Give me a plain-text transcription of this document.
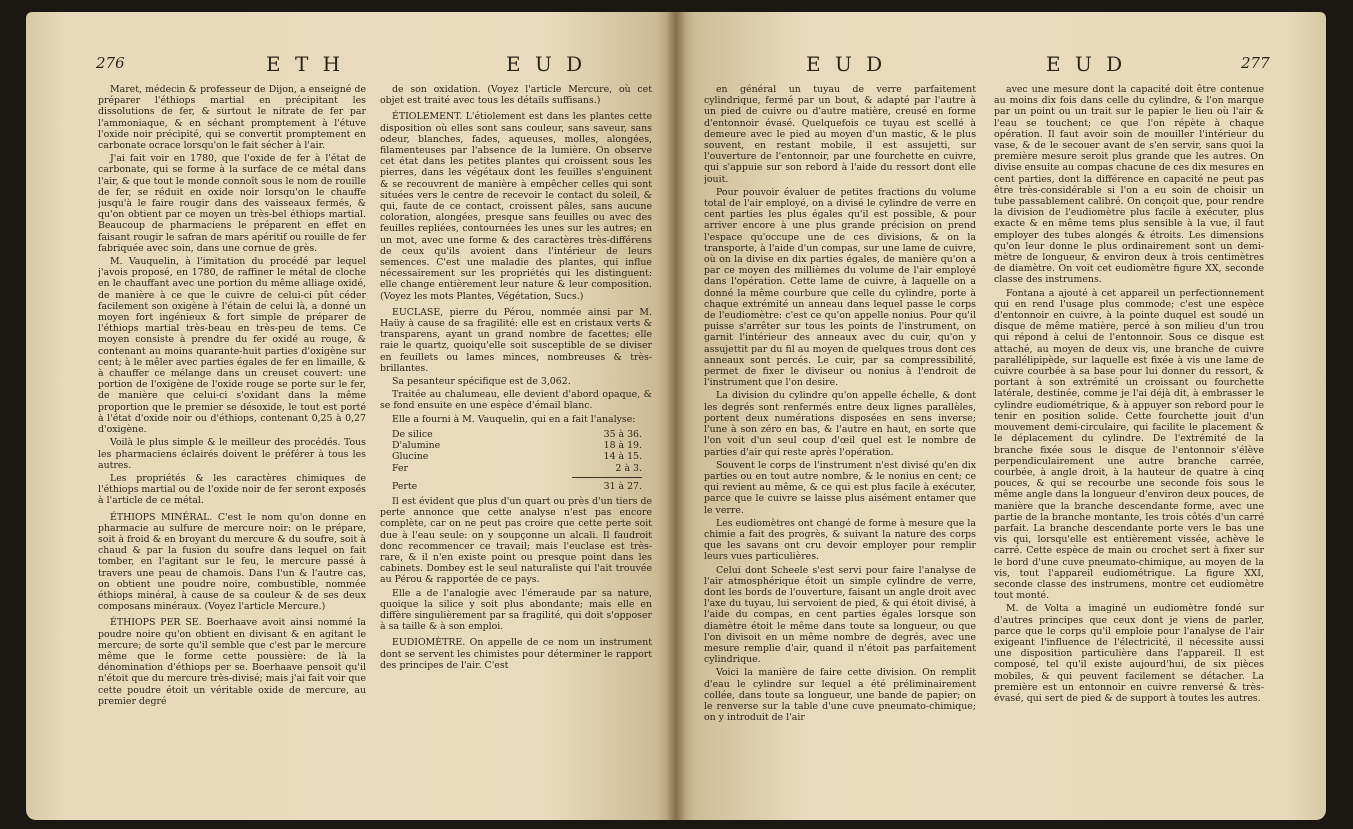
276	E T H	E U D

Maret, médecin & professeur de Dijon, a enseigné de préparer l'éthiops martial en précipitant les dissolutions de fer, & surtout le nitrate de fer par l'ammoniaque, & en séchant promptement à l'étuve l'oxide noir précipité, qui se convertit promptement en carbonate ocrace lorsqu'on le fait sécher à l'air.

J'ai fait voir en 1780, que l'oxide de fer à l'état de carbonate, qui se forme à la surface de ce métal dans l'air, & que tout le monde connoît sous le nom de rouille de fer, se réduit en oxide noir lorsqu'on le chauffe jusqu'à le faire rougir dans des vaisseaux fermés, & qu'on obtient par ce moyen un très-bel éthiops martial. Beaucoup de pharmaciens le préparent en effet en faisant rougir le safran de mars apéritif ou rouille de fer fabriquée avec soin, dans une cornue de grès.

M. Vauquelin, à l'imitation du procédé par lequel j'avois proposé, en 1780, de raffiner le métal de cloche en le chauffant avec une portion du même alliage oxidé, de manière à ce que le cuivre de celui-ci pût céder facilement son oxigène à l'étain de celui là, a donné un moyen fort ingénieux & fort simple de préparer de l'éthiops martial très-beau en très-peu de tems. Ce moyen consiste à prendre du fer oxidé au rouge, & contenant au moins quarante-huit parties d'oxigène sur cent; à le mêler avec parties égales de fer en limaille, & à chauffer ce mélange dans un creuset couvert: une portion de l'oxigène de l'oxide rouge se porte sur le fer, de manière que celui-ci s'oxidant dans la même proportion que le premier se désoxide, le tout est porté à l'état d'oxide noir ou d'éthiops, contenant 0,25 à 0,27 d'oxigène.

Voilà le plus simple & le meilleur des procédés. Tous les pharmaciens éclairés doivent le préférer à tous les autres.

Les propriétés & les caractères chimiques de l'éthiops martial ou de l'oxide noir de fer seront exposés à l'article de ce métal.

ÉTHIOPS MINÉRAL. C'est le nom qu'on donne en pharmacie au sulfure de mercure noir: on le prépare, soit à froid & en broyant du mercure & du soufre, soit à chaud & par la fusion du soufre dans lequel on fait tomber, en l'agitant sur le feu, le mercure passé à travers une peau de chamois. Dans l'un & l'autre cas, on obtient une poudre noire, combustible, nommée éthiops minéral, à cause de sa couleur & de ses deux composans minéraux. (Voyez l'article Mercure.)

ÉTHIOPS PER SE. Boerhaave avoit ainsi nommé la poudre noire qu'on obtient en divisant & en agitant le mercure; de sorte qu'il semble que c'est par le mercure même que le forme cette poussière: de là la dénomination d'éthiops per se. Boerhaave pensoit qu'il n'étoit que du mercure très-divisé; mais j'ai fait voir que cette poudre étoit un véritable oxide de mercure, au premier degré

de son oxidation. (Voyez l'article Mercure, où cet objet est traité avec tous les détails suffisans.)

ÉTIOLEMENT. L'étiolement est dans les plantes cette disposition où elles sont sans couleur, sans saveur, sans odeur, blanches, fades, aqueuses, molles, alongées, filamenteuses par l'absence de la lumière. On observe cet état dans les petites plantes qui croissent sous les pierres, dans les végétaux dont les feuilles s'enguinent & se recouvrent de manière à empêcher celles qui sont situées vers le centre de recevoir le contact du soleil, & qui, faute de ce contact, croissent pâles, sans aucune coloration, alongées, presque sans feuilles ou avec des feuilles repliées, contournées les unes sur les autres; en un mot, avec une forme & des caractères très-différens de ceux qu'ils avoient dans l'intérieur de leurs semences. C'est une maladie des plantes, qui influe nécessairement sur les propriétés qui les distinguent: elle change entièrement leur nature & leur composition. (Voyez les mots Plantes, Végétation, Sucs.)

EUCLASE, pierre du Pérou, nommée ainsi par M. Haüy à cause de sa fragilité: elle est en cristaux verts & transparens, ayant un grand nombre de facettes; elle raie le quartz, quoiqu'elle soit susceptible de se diviser en feuillets ou lames minces, nombreuses & très-brillantes.

Sa pesanteur spécifique est de 3,062.

Traitée au chalumeau, elle devient d'abord opaque, & se fond ensuite en une espèce d'émail blanc.

Elle a fourni à M. Vauquelin, qui en a fait l'analyse:

De silice	35 à 36.
D'alumine	18 à 19.
Glucine	14 à 15.
Fer	2 à 3.
Perte	31 à 27.

Il est évident que plus d'un quart ou près d'un tiers de perte annonce que cette analyse n'est pas encore complète, car on ne peut pas croire que cette perte soit due à l'eau seule: on y soupçonne un alcali. Il faudroit donc recommencer ce travail; mais l'euclase est très-rare, & il n'en existe point ou presque point dans les cabinets. Dombey est le seul naturaliste qui l'ait trouvée au Pérou & rapportée de ce pays.

Elle a de l'analogie avec l'émeraude par sa nature, quoique la silice y soit plus abondante; mais elle en diffère singulièrement par sa fragilité, qui doit s'opposer à sa taille & à son emploi.

EUDIOMÈTRE. On appelle de ce nom un instrument dont se servent les chimistes pour déterminer le rapport des principes de l'air. C'est

E U D	E U D	277

en général un tuyau de verre parfaitement cylindrique, fermé par un bout, & adapté par l'autre à un pied de cuivre ou d'autre matière, creusé en forme d'entonnoir évasé. Quelquefois ce tuyau est scellé à demeure avec le pied au moyen d'un mastic, & le plus souvent, en restant mobile, il est assujetti, sur l'ouverture de l'entonnoir, par une fourchette en cuivre, qui s'appuie sur son rebord à l'aide du ressort dont elle jouit.

Pour pouvoir évaluer de petites fractions du volume total de l'air employé, on a divisé le cylindre de verre en cent parties les plus égales qu'il est possible, & pour arriver encore à une plus grande précision on prend l'espace qu'occupe une de ces divisions, & on la transporte, à l'aide d'un compas, sur une lame de cuivre, où on la divise en dix parties égales, de manière qu'on a par ce moyen des millièmes du volume de l'air employé dans l'opération. Cette lame de cuivre, à laquelle on a donné la même courbure que celle du cylindre, porte à chaque extrémité un anneau dans lequel passe le corps de l'eudiomètre: c'est ce qu'on appelle nonius. Pour qu'il puisse s'arrêter sur tous les points de l'instrument, on garnit l'intérieur des anneaux avec du cuir, qu'on y assujettit par du fil au moyen de quelques trous dont ces anneaux sont percés. Le cuir, par sa compressibilité, permet de fixer le diviseur ou nonius à l'endroit de l'instrument que l'on desire.

La division du cylindre qu'on appelle échelle, & dont les degrés sont renfermés entre deux lignes parallèles, portent deux numérations disposées en sens inverse; l'une à son zéro en bas, & l'autre en haut, en sorte que l'on voit d'un seul coup d'œil quel est le nombre de parties d'air qui reste après l'opération.

Souvent le corps de l'instrument n'est divisé qu'en dix parties ou en tout autre nombre, & le nonius en cent; ce qui revient au même, & ce qui est plus facile à exécuter, parce que le cuivre se laisse plus aisément entamer que le verre.

Les eudiomètres ont changé de forme à mesure que la chimie a fait des progrès, & suivant la nature des corps que les savans ont cru devoir employer pour remplir leurs vues particulières.

Celui dont Scheele s'est servi pour faire l'analyse de l'air atmosphérique étoit un simple cylindre de verre, dont les bords de l'ouverture, faisant un angle droit avec l'axe du tuyau, lui servoient de pied, & qui étoit divisé, à l'aide du compas, en cent parties égales lorsque son diamètre étoit le même dans toute sa longueur, ou que l'on divisoit en un même nombre de degrés, avec une mesure remplie d'air, quand il n'étoit pas parfaitement cylindrique.

Voici la manière de faire cette division. On remplit d'eau le cylindre sur lequel a été préliminairement collée, dans toute sa longueur, une bande de papier; on le renverse sur la table d'une cuve pneumato-chimique; on y introduit de l'air

avec une mesure dont la capacité doit être contenue au moins dix fois dans celle du cylindre, & l'on marque par un point ou un trait sur le papier le lieu où l'air & l'eau se touchent; ce que l'on répète à chaque opération. Il faut avoir soin de mouiller l'intérieur du vase, & de le secouer avant de s'en servir, sans quoi la première mesure seroit plus grande que les autres. On divise ensuite au compas chacune de ces dix mesures en cent parties, dont la différence en capacité ne peut pas être très-considérable si l'on a eu soin de choisir un tube passablement calibré. On conçoit que, pour rendre la division de l'eudiomètre plus facile à exécuter, plus exacte & en même tems plus sensible à la vue, il faut employer des tubes alongés & étroits. Les dimensions qu'on leur donne le plus ordinairement sont un demi-mètre de longueur, & environ deux à trois centimètres de diamètre. On voit cet eudiomètre figure XX, seconde classe des instrumens.

Fontana a ajouté à cet appareil un perfectionnement qui en rend l'usage plus commode; c'est une espèce d'entonnoir en cuivre, à la pointe duquel est soudé un disque de même matière, percé à son milieu d'un trou qui répond à celui de l'entonnoir. Sous ce disque est attaché, au moyen de deux vis, une branche de cuivre parallélipipède, sur laquelle est fixée à vis une lame de cuivre courbée à sa base pour lui donner du ressort, & portant à son extrémité un croissant ou fourchette latérale, destinée, comme je l'ai déjà dit, à embrasser le cylindre eudiométrique, & à appuyer son rebord pour le tenir en position solide. Cette fourchette jouit d'un mouvement demi-circulaire, qui facilite le placement & le déplacement du cylindre. De l'extrémité de la branche fixée sous le disque de l'entonnoir s'élève perpendiculairement une autre branche carrée, courbée, à angle droit, à la hauteur de quatre à cinq pouces, & qui se recourbe une seconde fois sous le même angle dans la longueur d'environ deux pouces, de manière que la branche descendante forme, avec une partie de la branche montante, les trois côtés d'un carré parfait. La branche descendante porte vers le bas une vis qui, lorsqu'elle est entièrement vissée, achève le carré. Cette espèce de main ou crochet sert à fixer sur le bord d'une cuve pneumato-chimique, au moyen de la vis, tout l'appareil eudiométrique. La figure XXI, seconde classe des instrumens, montre cet eudiomètre tout monté.

M. de Volta a imaginé un eudiomètre fondé sur d'autres principes que ceux dont je viens de parler, parce que le corps qu'il emploie pour l'analyse de l'air exigeant l'influence de l'électricité, il nécessite aussi une disposition particulière dans l'appareil. Il est composé, tel qu'il existe aujourd'hui, de six pièces mobiles, & qui peuvent facilement se détacher. La première est un entonnoir en cuivre renversé & très-évasé, qui sert de pied & de support à toutes les autres.
